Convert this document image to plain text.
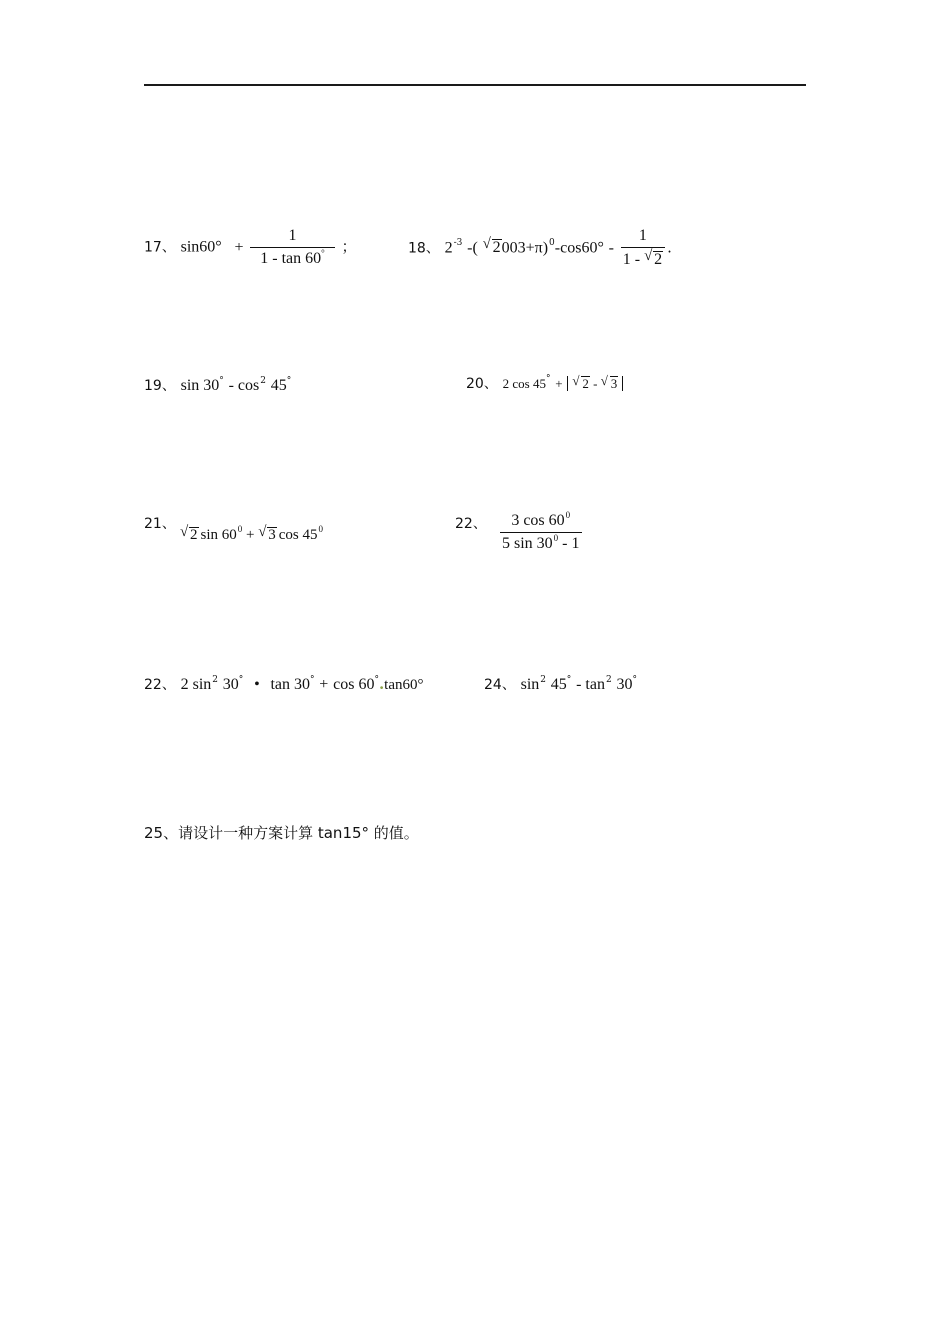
17、 $\sin 60^\circ + \frac{1}{1 - \tan 60^\circ}$ ；	18、 $2^{-3}$ -( √ $2003+\pi)^0-\cos 60^\circ - \frac{1}{1 - √ 2}$ .
19、 $\sin 30^\circ - \cos^2 45^\circ$	20、 2 cos 45° + √ 2 - √ 3
21、 √ 2 $\sin 60^0$ + √ 3 $\cos 45^0$	22、 $\frac{3 \cos 60^0}{5 \sin 30^0 - 1}$
22、 2 $\sin^2 30^\circ$ • tan 30° + cos 60°.tan60°	24、 $\sin^2 45^\circ - \tan^2 30^\circ$
25、请设计一种方案计算 tan15° 的值。
